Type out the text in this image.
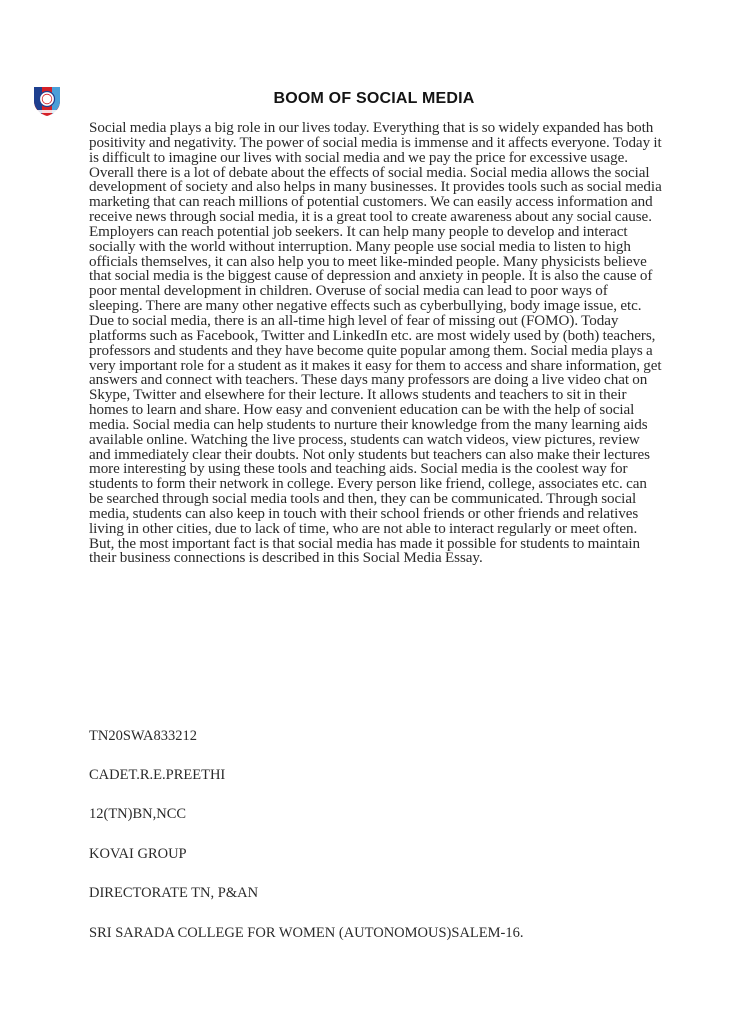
BOOM OF SOCIAL MEDIA

Social media plays a big role in our lives today. Everything that is so widely expanded has both positivity and negativity. The power of social media is immense and it affects everyone. Today it is difficult to imagine our lives with social media and we pay the price for excessive usage. Overall there is a lot of debate about the effects of social media. Social media allows the social development of society and also helps in many businesses. It provides tools such as social media marketing that can reach millions of potential customers. We can easily access information and receive news through social media, it is a great tool to create awareness about any social cause. Employers can reach potential job seekers. It can help many people to develop and interact socially with the world without interruption. Many people use social media to listen to high officials themselves, it can also help you to meet like-minded people. Many physicists believe that social media is the biggest cause of depression and anxiety in people. It is also the cause of poor mental development in children. Overuse of social media can lead to poor ways of sleeping. There are many other negative effects such as cyberbullying, body image issue, etc. Due to social media, there is an all-time high level of fear of missing out (FOMO). Today platforms such as Facebook, Twitter and LinkedIn etc. are most widely used by (both) teachers, professors and students and they have become quite popular among them. Social media plays a very important role for a student as it makes it easy for them to access and share information, get answers and connect with teachers. These days many professors are doing a live video chat on Skype, Twitter and elsewhere for their lecture. It allows students and teachers to sit in their homes to learn and share. How easy and convenient education can be with the help of social media. Social media can help students to nurture their knowledge from the many learning aids available online. Watching the live process, students can watch videos, view pictures, review and immediately clear their doubts. Not only students but teachers can also make their lectures more interesting by using these tools and teaching aids. Social media is the coolest way for students to form their network in college. Every person like friend, college, associates etc. can be searched through social media tools and then, they can be communicated. Through social media, students can also keep in touch with their school friends or other friends and relatives living in other cities, due to lack of time, who are not able to interact regularly or meet often. But, the most important fact is that social media has made it possible for students to maintain their business connections is described in this Social Media Essay.

TN20SWA833212

CADET.R.E.PREETHI

12(TN)BN,NCC

KOVAI GROUP

DIRECTORATE TN, P&AN

SRI SARADA COLLEGE FOR WOMEN (AUTONOMOUS)SALEM-16.
